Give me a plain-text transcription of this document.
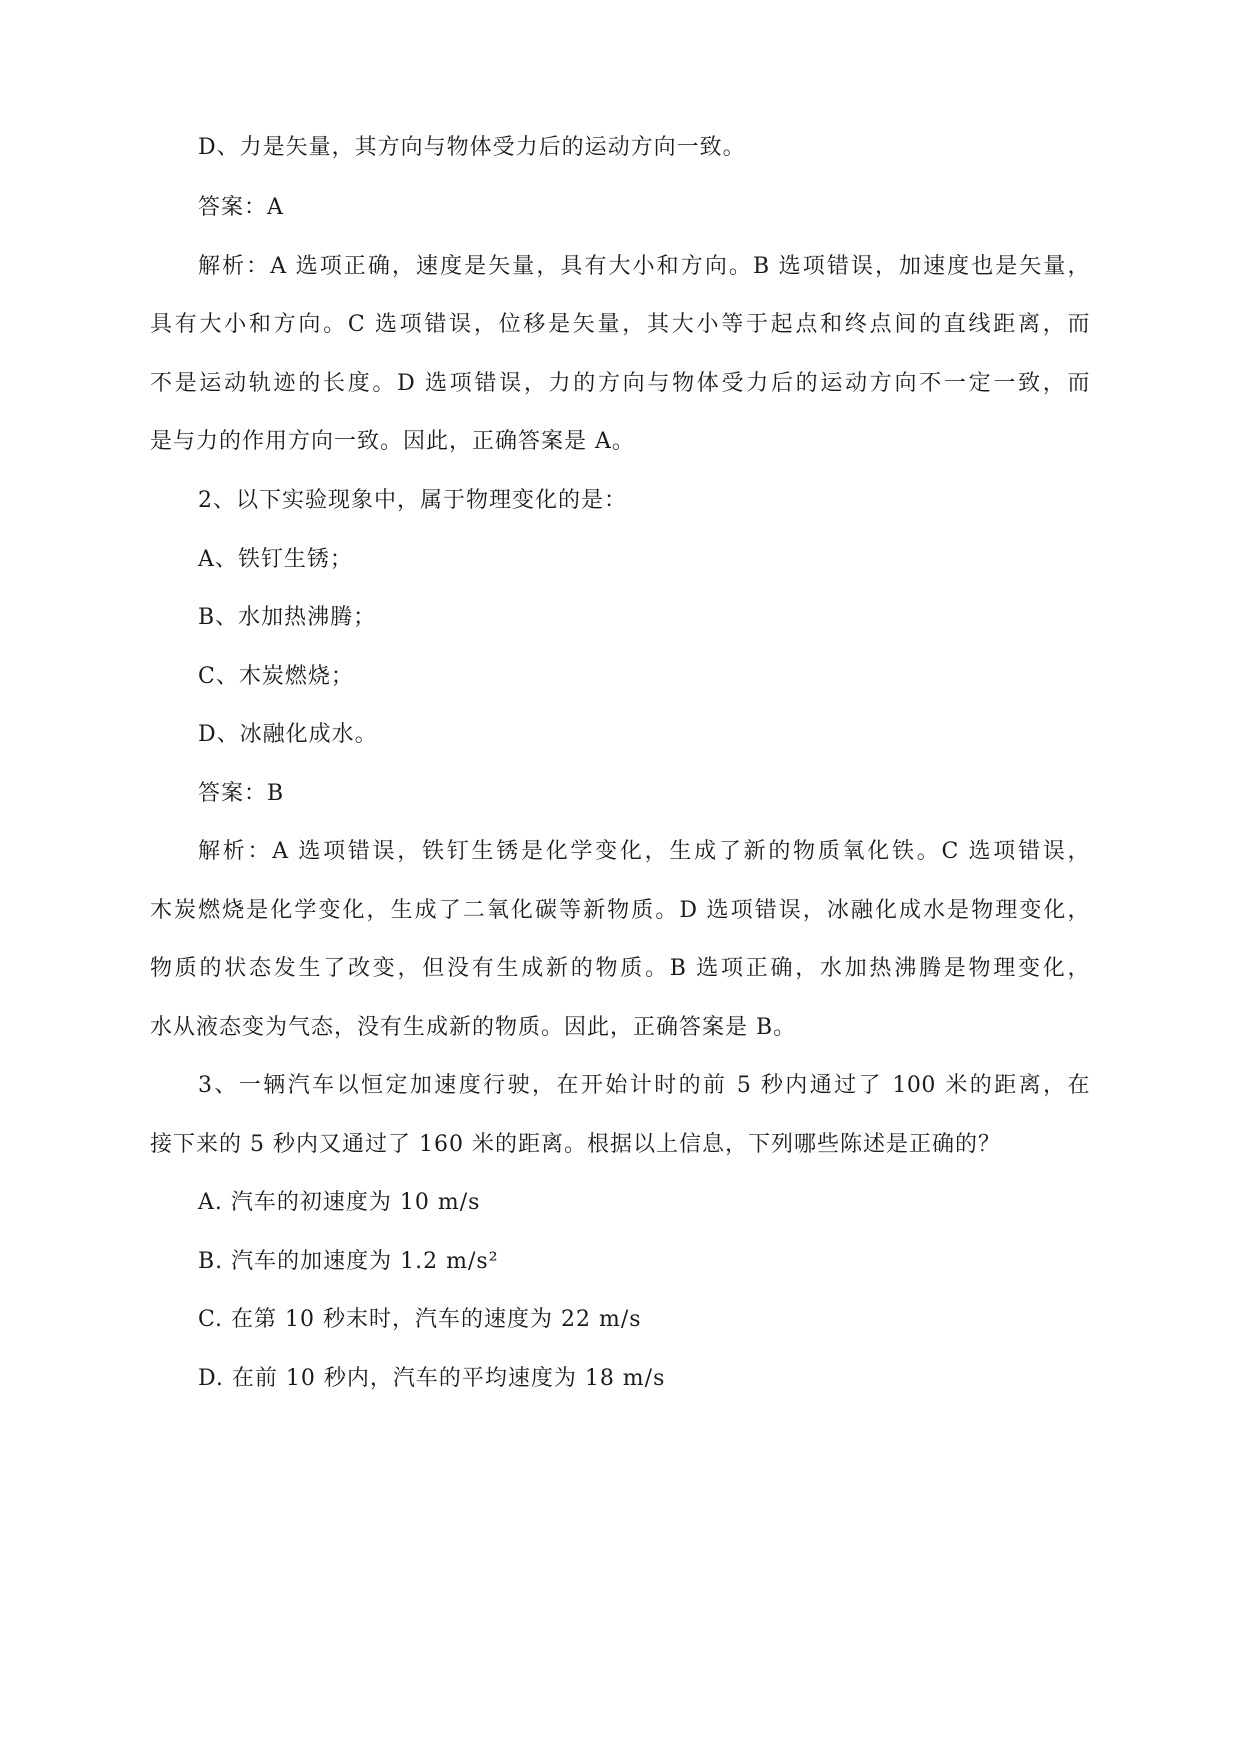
D、力是矢量，其方向与物体受力后的运动方向一致。
答案：A
解析：A 选项正确，速度是矢量，具有大小和方向。B 选项错误，加速度也是矢量，
具有大小和方向。C 选项错误，位移是矢量，其大小等于起点和终点间的直线距离，而
不是运动轨迹的长度。D 选项错误，力的方向与物体受力后的运动方向不一定一致，而
是与力的作用方向一致。因此，正确答案是 A。
2、以下实验现象中，属于物理变化的是：
A、铁钉生锈；
B、水加热沸腾；
C、木炭燃烧；
D、冰融化成水。
答案：B
解析：A 选项错误，铁钉生锈是化学变化，生成了新的物质氧化铁。C 选项错误，
木炭燃烧是化学变化，生成了二氧化碳等新物质。D 选项错误，冰融化成水是物理变化，
物质的状态发生了改变，但没有生成新的物质。B 选项正确，水加热沸腾是物理变化，
水从液态变为气态，没有生成新的物质。因此，正确答案是 B。
3、一辆汽车以恒定加速度行驶，在开始计时的前 5 秒内通过了 100 米的距离，在
接下来的 5 秒内又通过了 160 米的距离。根据以上信息，下列哪些陈述是正确的？
A. 汽车的初速度为 10 m/s
B. 汽车的加速度为 1.2 m/s²
C. 在第 10 秒末时，汽车的速度为 22 m/s
D. 在前 10 秒内，汽车的平均速度为 18 m/s
